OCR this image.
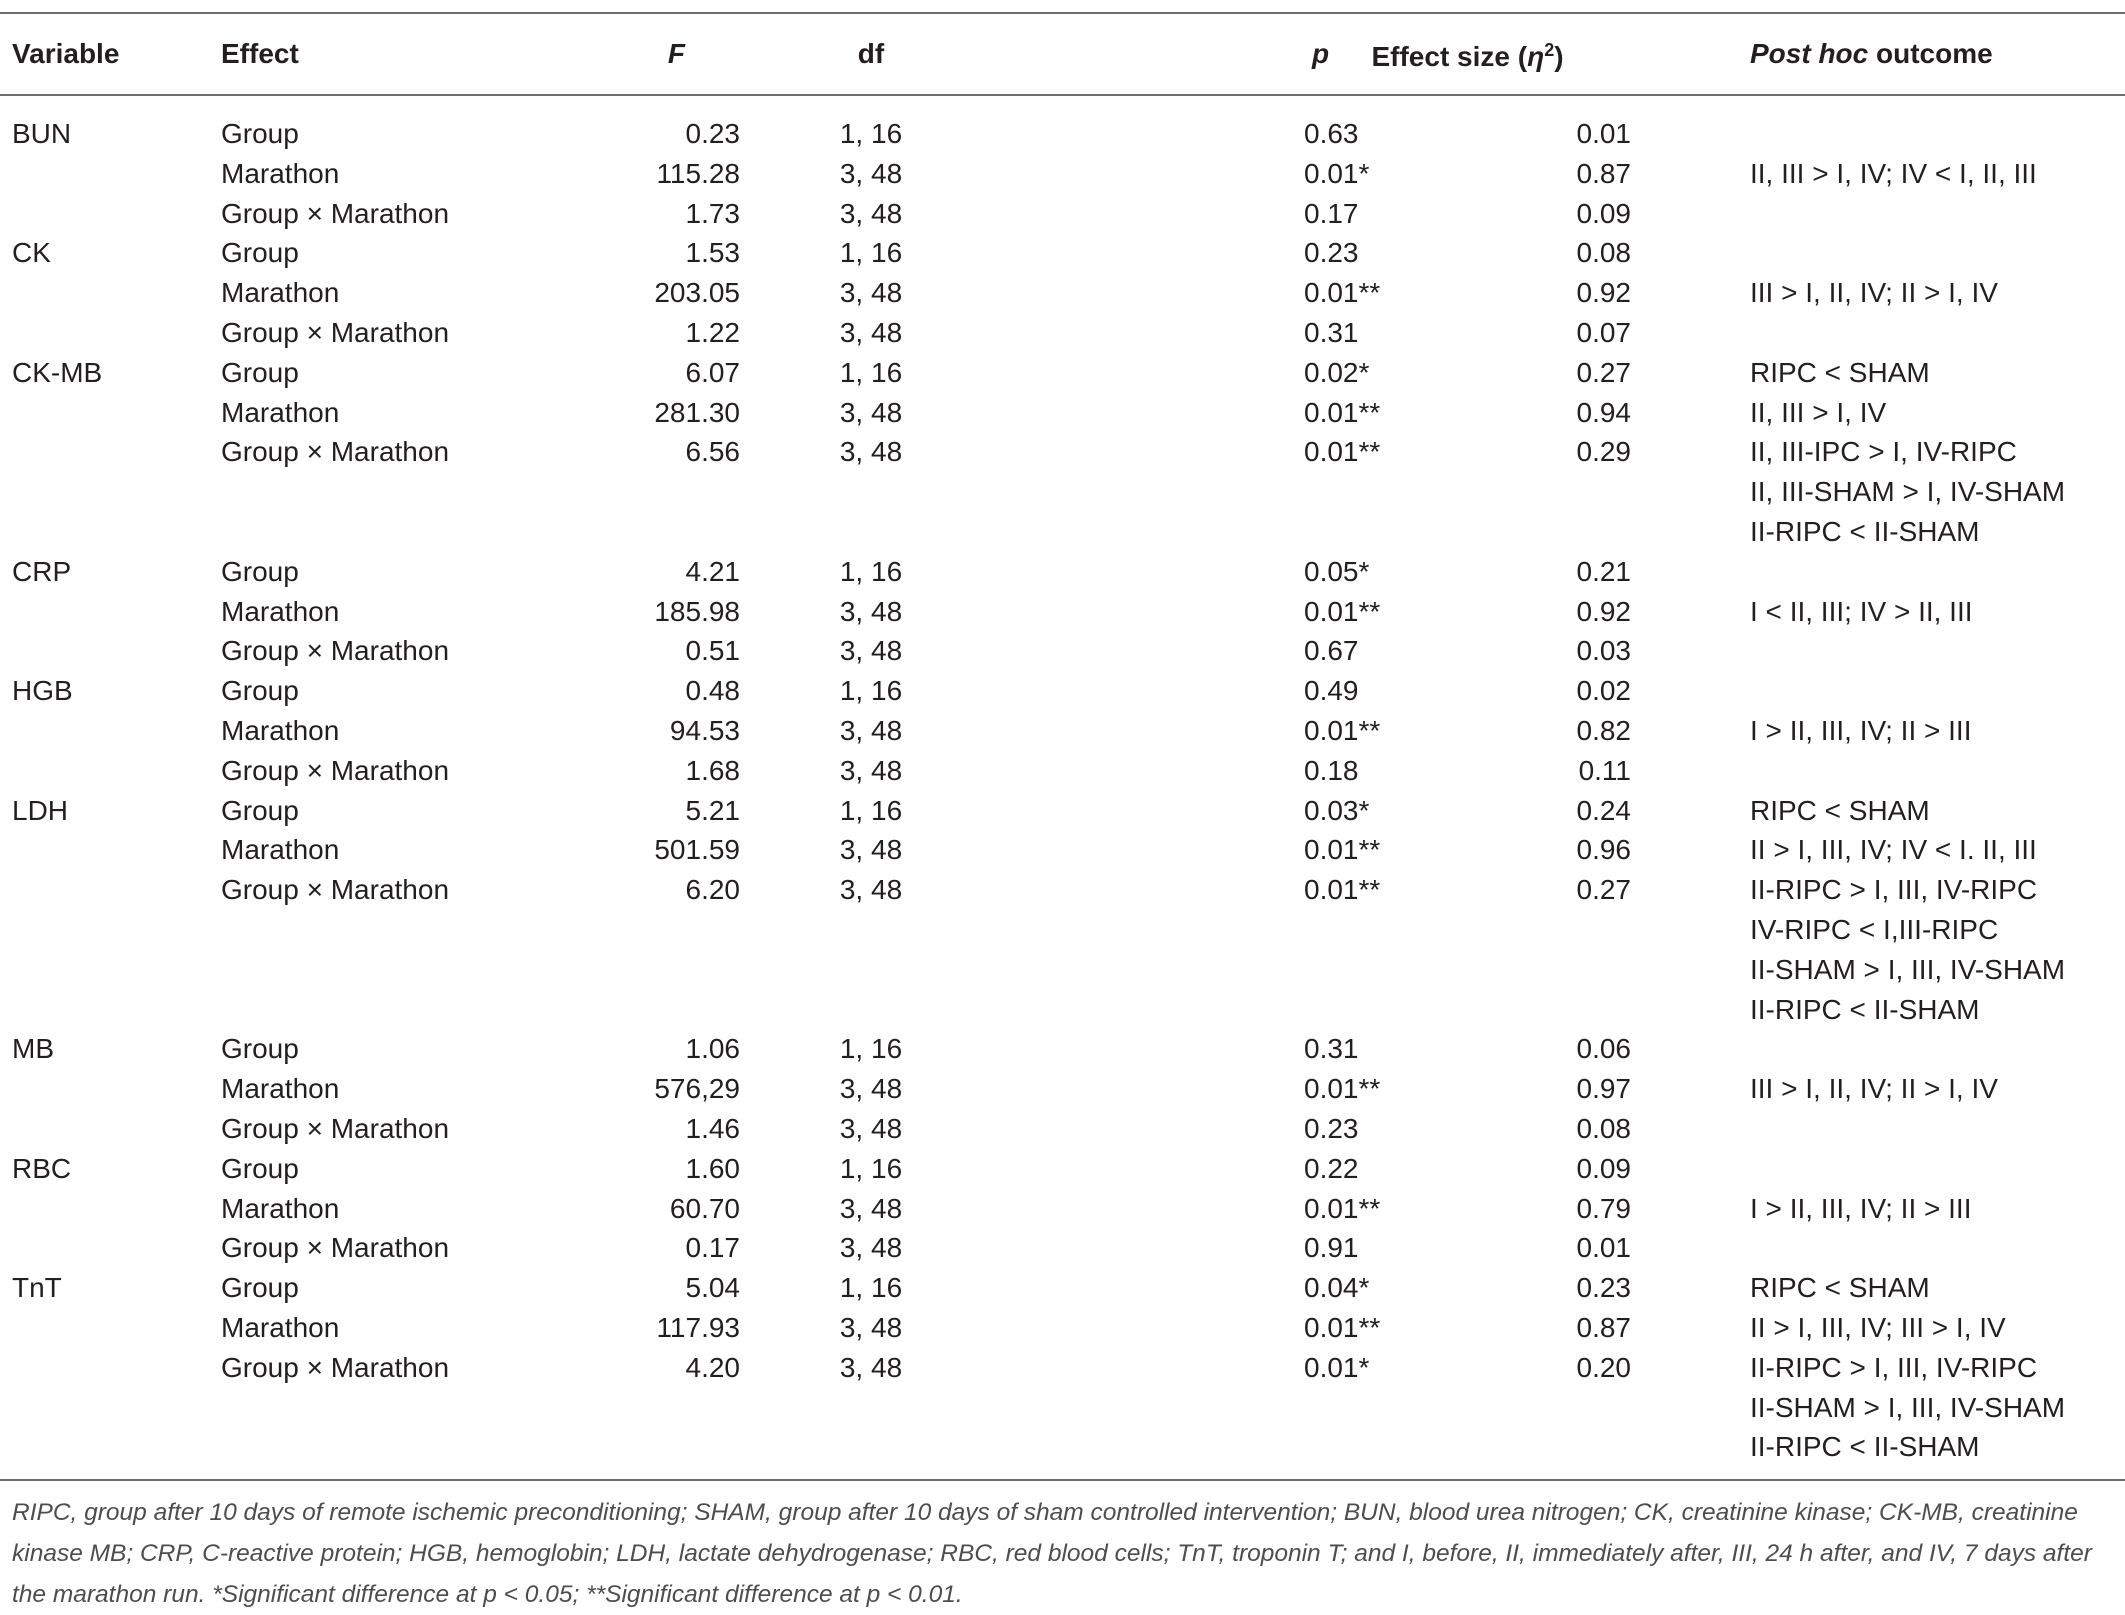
Variable	Effect	F	df	p	Effect size $(\eta^2)$	Post hoc outcome
BUN	Group	0.23	1, 16	0.63	0.01	
	Marathon	115.28	3, 48	0.01*	0.87	II, III > I, IV; IV < I, II, III

	Group × Marathon	1.73	3, 48	0.17	0.09	
CK	Group	1.53	1, 16	0.23	0.08	
	Marathon	203.05	3, 48	0.01**	0.92	III > I, II, IV; II > I, IV

	Group × Marathon	1.22	3, 48	0.31	0.07	
CK-MB	Group	6.07	1, 16	0.02*	0.27	RIPC < SHAM

	Marathon	281.30	3, 48	0.01**	0.94	II, III > I, IV

	Group × Marathon	6.56	3, 48	0.01**	0.29	II, III-IPC > I, IV-RIPC
II, III-SHAM > I, IV-SHAM
II-RIPC < II-SHAM

CRP	Group	4.21	1, 16	0.05*	0.21	
	Marathon	185.98	3, 48	0.01**	0.92	I < II, III; IV > II, III

	Group × Marathon	0.51	3, 48	0.67	0.03	
HGB	Group	0.48	1, 16	0.49	0.02	
	Marathon	94.53	3, 48	0.01**	0.82	I > II, III, IV; II > III

	Group × Marathon	1.68	3, 48	0.18	0.11	
LDH	Group	5.21	1, 16	0.03*	0.24	RIPC < SHAM

	Marathon	501.59	3, 48	0.01**	0.96	II > I, III, IV; IV < I. II, III

	Group × Marathon	6.20	3, 48	0.01**	0.27	II-RIPC > I, III, IV-RIPC
IV-RIPC < I,III-RIPC
II-SHAM > I, III, IV-SHAM
II-RIPC < II-SHAM

MB	Group	1.06	1, 16	0.31	0.06	
	Marathon	576,29	3, 48	0.01**	0.97	III > I, II, IV; II > I, IV

	Group × Marathon	1.46	3, 48	0.23	0.08	
RBC	Group	1.60	1, 16	0.22	0.09	
	Marathon	60.70	3, 48	0.01**	0.79	I > II, III, IV; II > III

	Group × Marathon	0.17	3, 48	0.91	0.01	
TnT	Group	5.04	1, 16	0.04*	0.23	RIPC < SHAM

	Marathon	117.93	3, 48	0.01**	0.87	II > I, III, IV; III > I, IV

	Group × Marathon	4.20	3, 48	0.01*	0.20	II-RIPC > I, III, IV-RIPC
II-SHAM > I, III, IV-SHAM
II-RIPC < II-SHAM

RIPC, group after 10 days of remote ischemic preconditioning; SHAM, group after 10 days of sham controlled intervention; BUN, blood urea nitrogen; CK, creatinine kinase; CK-MB, creatinine kinase MB; CRP, C-reactive protein; HGB, hemoglobin; LDH, lactate dehydrogenase; RBC, red blood cells; TnT, troponin T; and I, before, II, immediately after, III, 24 h after, and IV, 7 days after the marathon run. *Significant difference at p < 0.05; **Significant difference at p < 0.01.
